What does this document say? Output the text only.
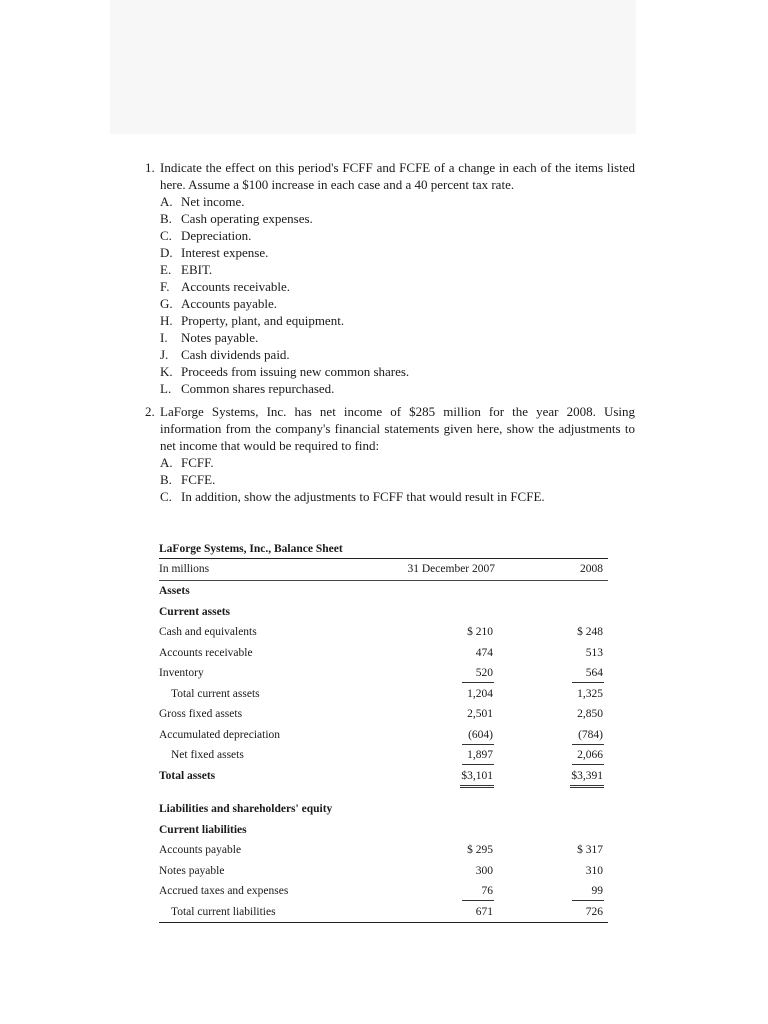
1. Indicate the effect on this period's FCFF and FCFE of a change in each of the items listed here. Assume a $100 increase in each case and a 40 percent tax rate.
A. Net income.
B. Cash operating expenses.
C. Depreciation.
D. Interest expense.
E. EBIT.
F. Accounts receivable.
G. Accounts payable.
H. Property, plant, and equipment.
I.	Notes payable.
J. Cash dividends paid.
K. Proceeds from issuing new common shares.
L. Common shares repurchased.
2. LaForge Systems, Inc. has net income of $285 million for the year 2008. Using information from the company's financial statements given here, show the adjustments to net income that would be required to find:
A. FCFF.
B. FCFE.
C. In addition, show the adjustments to FCFF that would result in FCFE.
LaForge Systems, Inc., Balance Sheet
In millions	31 December 2007	2008
Assets
Current assets
Cash and equivalents	$ 210	$ 248
Accounts receivable	474	513
Inventory	520	564
Total current assets	1,204	1,325
Gross fixed assets	2,501	2,850
Accumulated depreciation	(604)	(784)
Net fixed assets	1,897	2,066
Total assets	$3,101	$3,391
Liabilities and shareholders' equity
Current liabilities
Accounts payable	$ 295	$ 317
Notes payable	300	310
Accrued taxes and expenses	76	99
Total current liabilities	671	726
